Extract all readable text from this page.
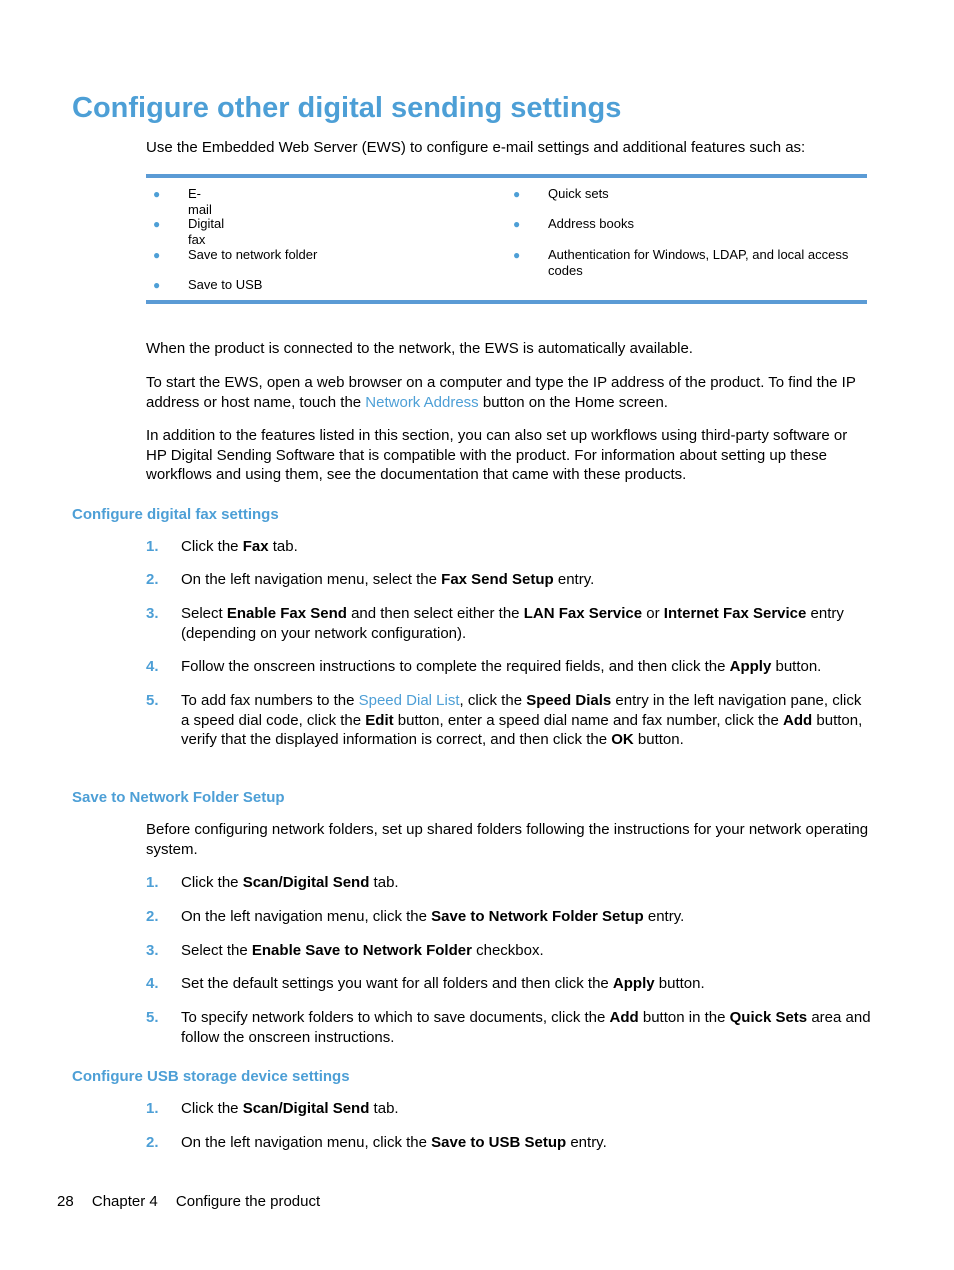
Configure other digital sending settings
Use the Embedded Web Server (EWS) to configure e-mail settings and additional features such as:
● E-mail
● Digital fax
● Save to network folder
● Save to USB
● Quick sets
● Address books
● Authentication for Windows, LDAP, and local access codes
When the product is connected to the network, the EWS is automatically available.
To start the EWS, open a web browser on a computer and type the IP address of the product. To find the IP address or host name, touch the Network Address button on the Home screen.
In addition to the features listed in this section, you can also set up workflows using third-party software or HP Digital Sending Software that is compatible with the product. For information about setting up these workflows and using them, see the documentation that came with these products.
Configure digital fax settings
1. Click the Fax tab.
2. On the left navigation menu, select the Fax Send Setup entry.
3. Select Enable Fax Send and then select either the LAN Fax Service or Internet Fax Service entry (depending on your network configuration).
4. Follow the onscreen instructions to complete the required fields, and then click the Apply button.
5. To add fax numbers to the Speed Dial List, click the Speed Dials entry in the left navigation pane, click a speed dial code, click the Edit button, enter a speed dial name and fax number, click the Add button, verify that the displayed information is correct, and then click the OK button.
Save to Network Folder Setup
Before configuring network folders, set up shared folders following the instructions for your network operating system.
1. Click the Scan/Digital Send tab.
2. On the left navigation menu, click the Save to Network Folder Setup entry.
3. Select the Enable Save to Network Folder checkbox.
4. Set the default settings you want for all folders and then click the Apply button.
5. To specify network folders to which to save documents, click the Add button in the Quick Sets area and follow the onscreen instructions.
Configure USB storage device settings
1. Click the Scan/Digital Send tab.
2. On the left navigation menu, click the Save to USB Setup entry.
28 Chapter 4 Configure the product
